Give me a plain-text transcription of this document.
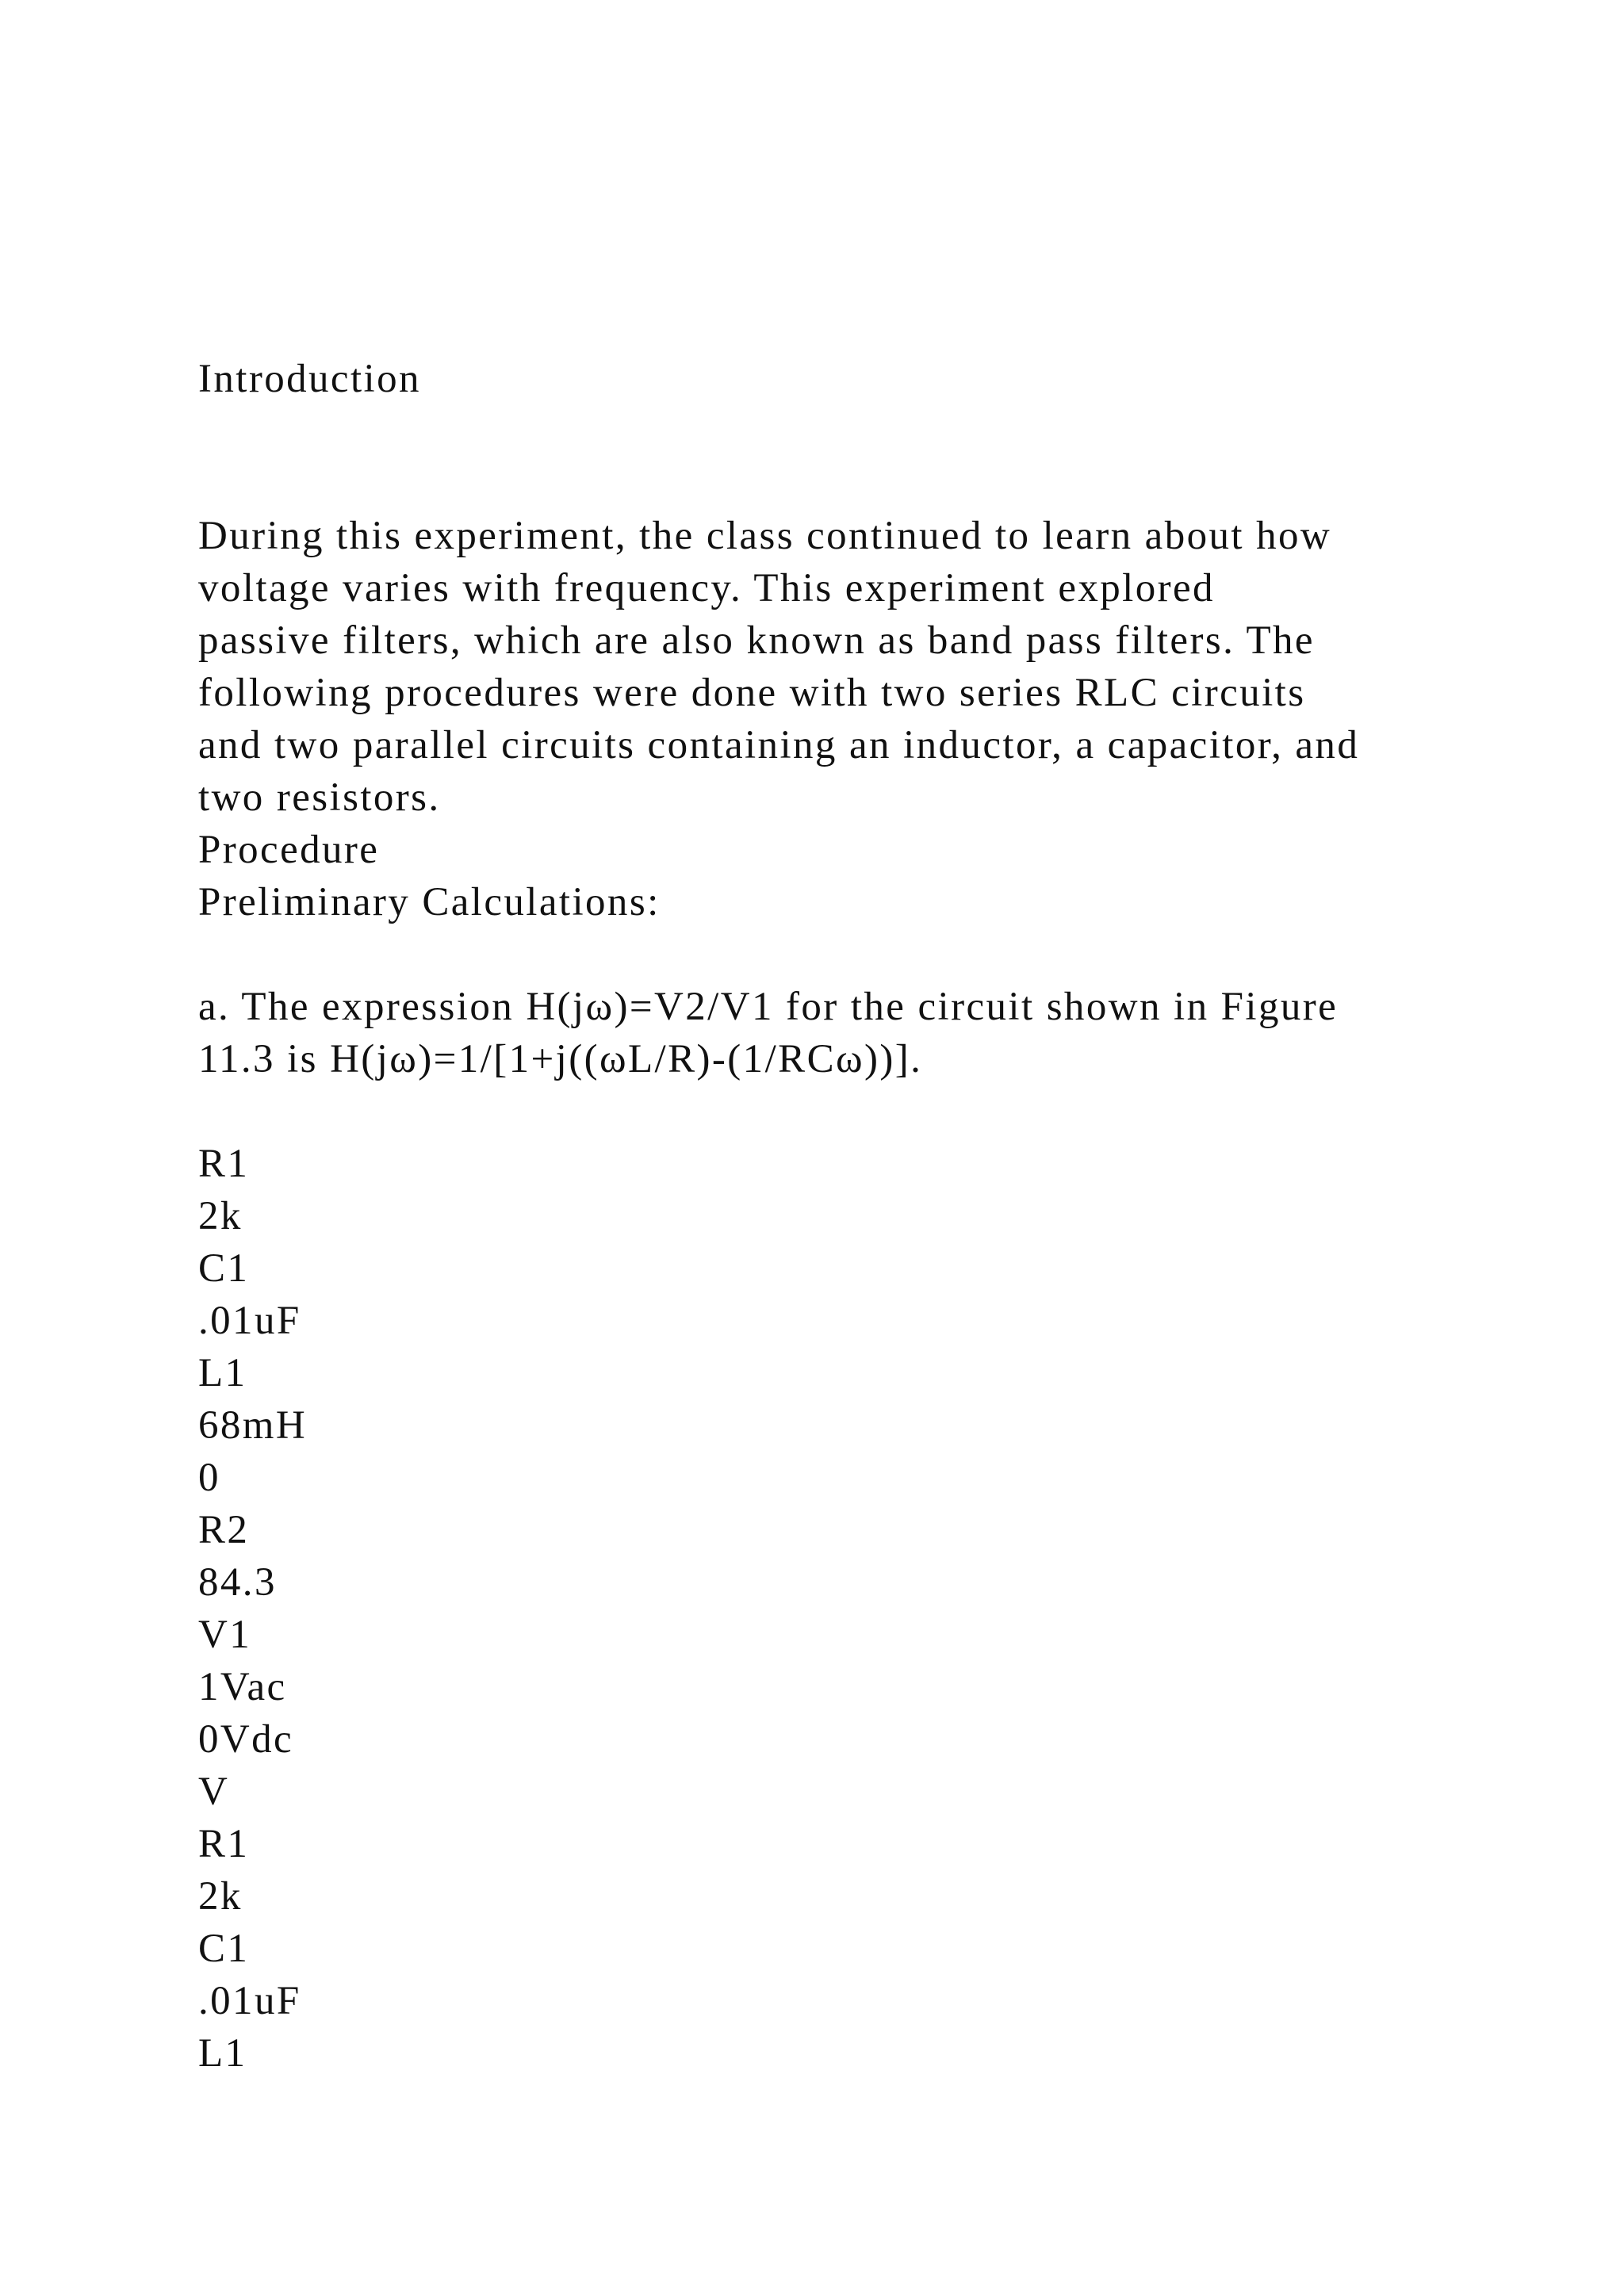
Introduction
During this experiment, the class continued to learn about how
voltage varies with frequency. This experiment explored
passive filters, which are also known as band pass filters. The
following procedures were done with two series RLC circuits
and two parallel circuits containing an inductor, a capacitor, and
two resistors.
Procedure
Preliminary Calculations:
a. The expression H(jω)=V2/V1 for the circuit shown in Figure
11.3 is H(jω)=1/[1+j((ωL/R)-(1/RCω))].
R1
2k
C1
.01uF
L1
68mH
0
R2
84.3
V1
1Vac
0Vdc
V
R1
2k
C1
.01uF
L1
